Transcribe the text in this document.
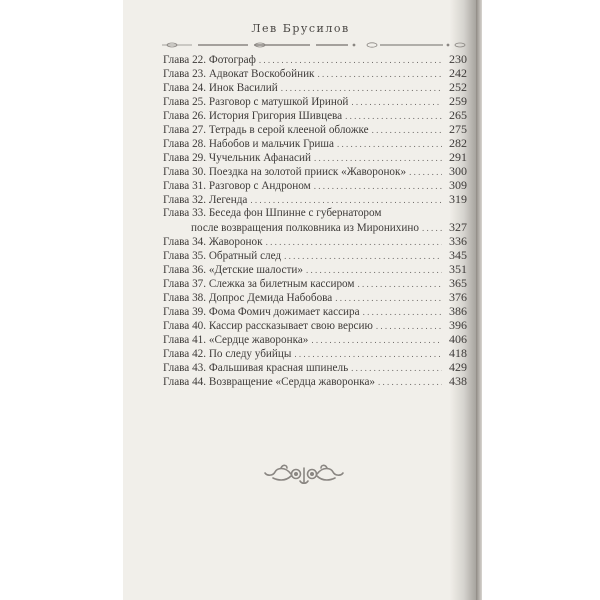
Лев Брусилов
Глава 22. Фотограф . . .	230
Глава 23. Адвокат Воскобойник . . .	242
Глава 24. Инок Василий . . .	252
Глава 25. Разговор с матушкой Ириной . . .	259
Глава 26. История Григория Шивцева . . .	265
Глава 27. Тетрадь в серой клееной обложке . . .	275
Глава 28. Набобов и мальчик Гриша . . .	282
Глава 29. Чучельник Афанасий . . .	291
Глава 30. Поездка на золотой прииск «Жаворонок» . . .	300
Глава 31. Разговор с Андроном . . .	309
Глава 32. Легенда . . .	319
Глава 33. Беседа фон Шпинне с губернатором
после возвращения полковника из Миронихино . . .	327
Глава 34. Жаворонок . . .	336
Глава 35. Обратный след . . .	345
Глава 36. «Детские шалости» . . .	351
Глава 37. Слежка за билетным кассиром . . .	365
Глава 38. Допрос Демида Набобова . . .	376
Глава 39. Фома Фомич дожимает кассира . . .	386
Глава 40. Кассир рассказывает свою версию . . .	396
Глава 41. «Сердце жаворонка» . . .	406
Глава 42. По следу убийцы . . .	418
Глава 43. Фальшивая красная шпинель . . .	429
Глава 44. Возвращение «Сердца жаворонка» . . .	438
